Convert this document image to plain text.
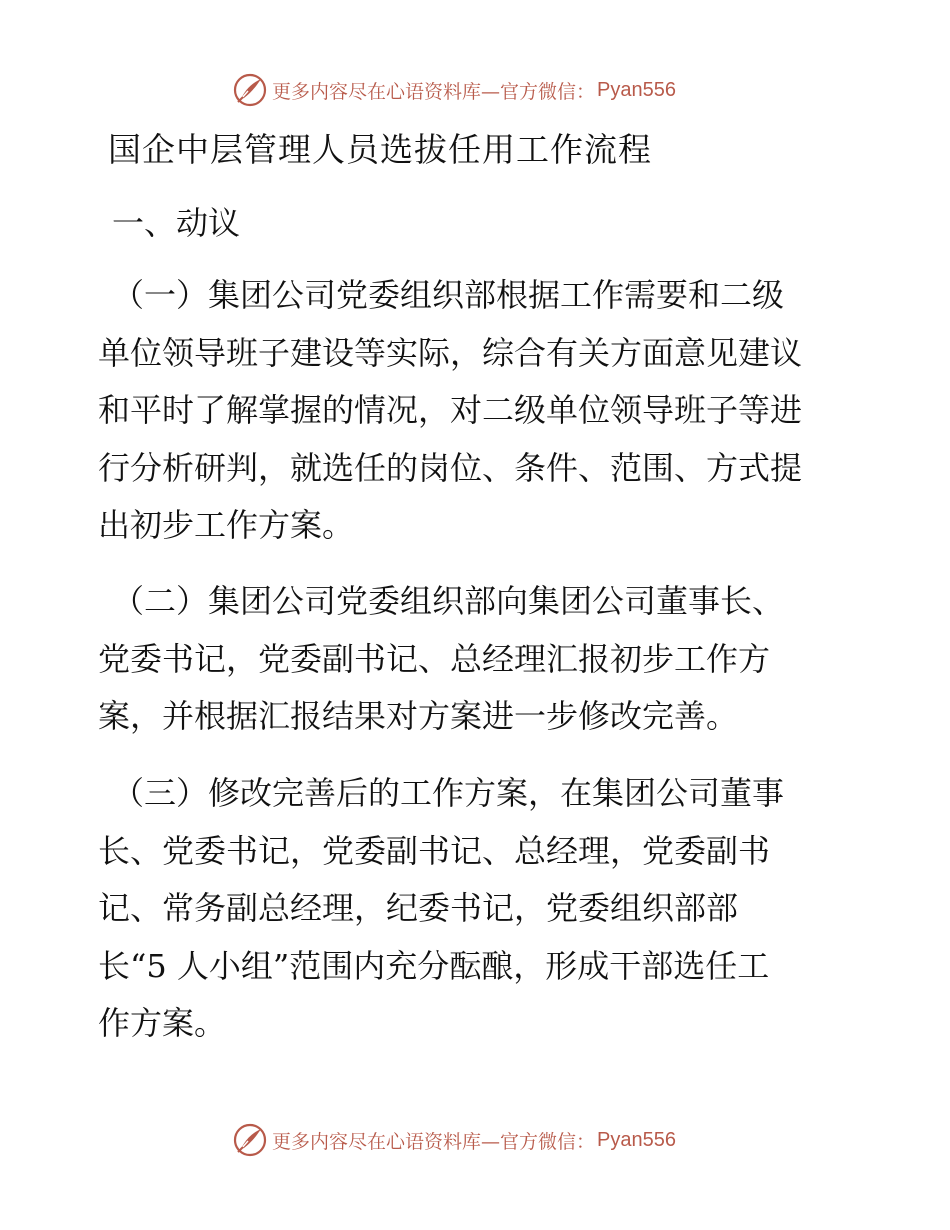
更多内容尽在心语资料库— 官方微信： Pyan556
国企中层管理人员选拔任用工作流程
一、动议

（一）集团公司党委组织部根据工作需要和二级
单位领导班子建设等实际，综合有关方面意见建议
和平时了解掌握的情况，对二级单位领导班子等进
行分析研判，就选任的岗位、条件、范围、方式提
出初步工作方案。

（二）集团公司党委组织部向集团公司董事长、
党委书记，党委副书记、总经理汇报初步工作方
案，并根据汇报结果对方案进一步修改完善。

（三）修改完善后的工作方案，在集团公司董事
长、党委书记，党委副书记、总经理，党委副书
记、常务副总经理，纪委书记，党委组织部部
长“5 人小组”范围内充分酝酿，形成干部选任工
作方案。

更多内容尽在心语资料库— 官方微信： Pyan556
